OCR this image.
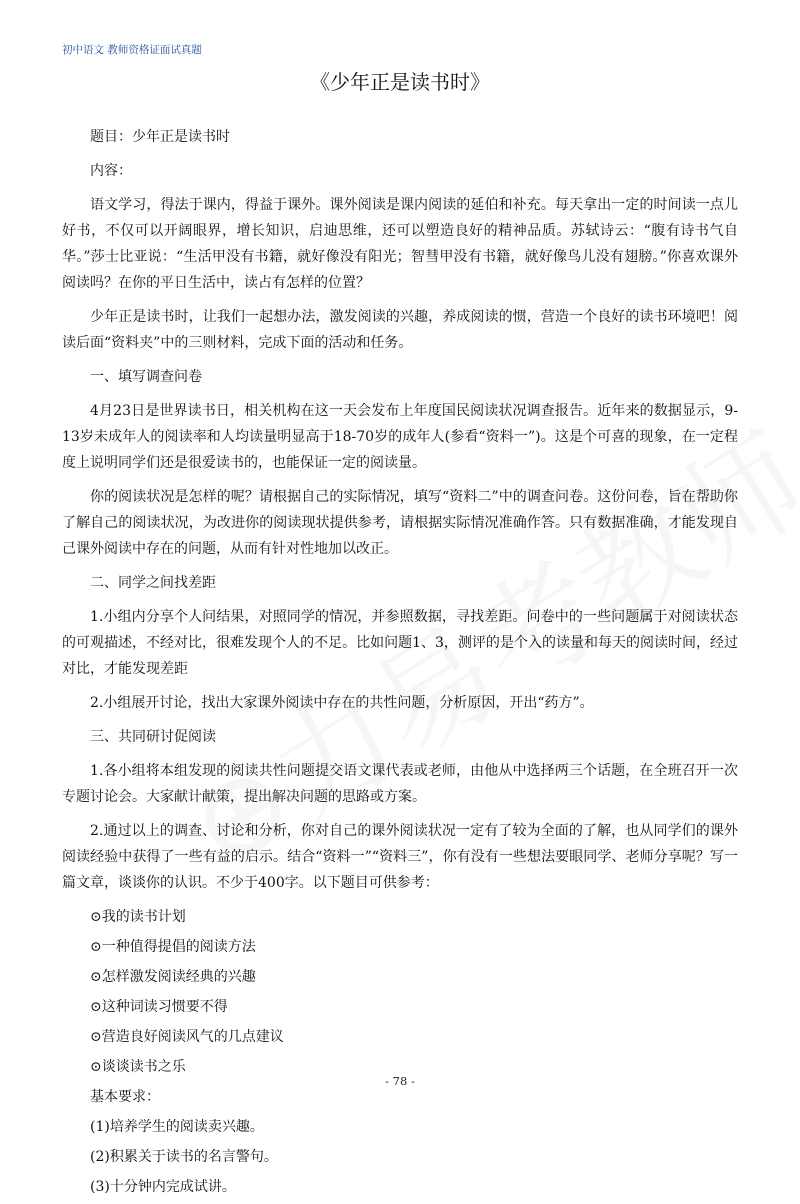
初中语文 教师资格证面试真题
《少年正是读书时》

题目：少年正是读书时

内容：

语文学习，得法于课内，得益于课外。课外阅读是课内阅读的延伯和补充。每天拿出一定的时间读一点儿好书，不仅可以开阔眼界，增长知识，启迪思维，还可以塑造良好的精神品质。苏轼诗云：“腹有诗书气自华。”莎士比亚说：“生活甲没有书籍，就好像没有阳光；智彗甲没有书籍，就好像鸟儿没有翅膀。”你喜欢课外阅读吗？在你的平日生活中，读占有怎样的位置？

少年正是读书时，让我们一起想办法，激发阅读的兴趣，养成阅读的惯，营造一个良好的读书环境吧！阅读后面“资料夹”中的三则材料，完成下面的活动和任务。

一、填写调查问卷

4月23日是世界读书日，相关机构在这一天会发布上年度国民阅读状况调查报告。近年来的数据显示，9-13岁未成年人的阅读率和人均读量明显高于18-70岁的成年人(参看“资料一”)。这是个可喜的现象，在一定程度上说明同学们还是很爱读书的，也能保证一定的阅读量。

你的阅读状况是怎样的呢？请根据自己的实际情况，填写“资料二”中的调查问卷。这份问卷，旨在帮助你了解自己的阅读状况，为改进你的阅读现状提供参考，请根据实际情况准确作答。只有数据准确，才能发现自己课外阅读中存在的问题，从而有针对性地加以改正。

二、同学之间找差距

1.小组内分享个人问结果，对照同学的情况，并参照数据，寻找差距。问卷中的一些问题属于对阅读状态的可观描述，不经对比，很难发现个人的不足。比如问题1、3，测评的是个入的读量和每天的阅读时间，经过对比，才能发现差距

2.小组展开讨论，找出大家课外阅读中存在的共性问题，分析原因，开出“药方”。

三、共同研讨促阅读

1.各小组将本组发现的阅读共性问题提交语文课代表或老师，由他从中选择两三个话题，在全班召开一次专题讨论会。大家献计献策，提出解决问题的思路或方案。

2.通过以上的调查、讨论和分析，你对自己的课外阅读状况一定有了较为全面的了解，也从同学们的课外阅读经验中获得了一些有益的启示。结合“资料一”“资料三”，你有没有一些想法要眼同学、老师分享呢？写一篇文章，谈谈你的认识。不少于400字。以下题目可供参考：

⊙我的读书计划

⊙一种值得提倡的阅读方法

⊙怎样激发阅读经典的兴趣

⊙这种词读习惯要不得

⊙营造良好阅读风气的几点建议

⊙谈谈读书之乐

基本要求：

(1)培养学生的阅读卖兴趣。

(2)积累关于读书的名言警句。

(3)十分钟内完成试讲。

- 78 -
